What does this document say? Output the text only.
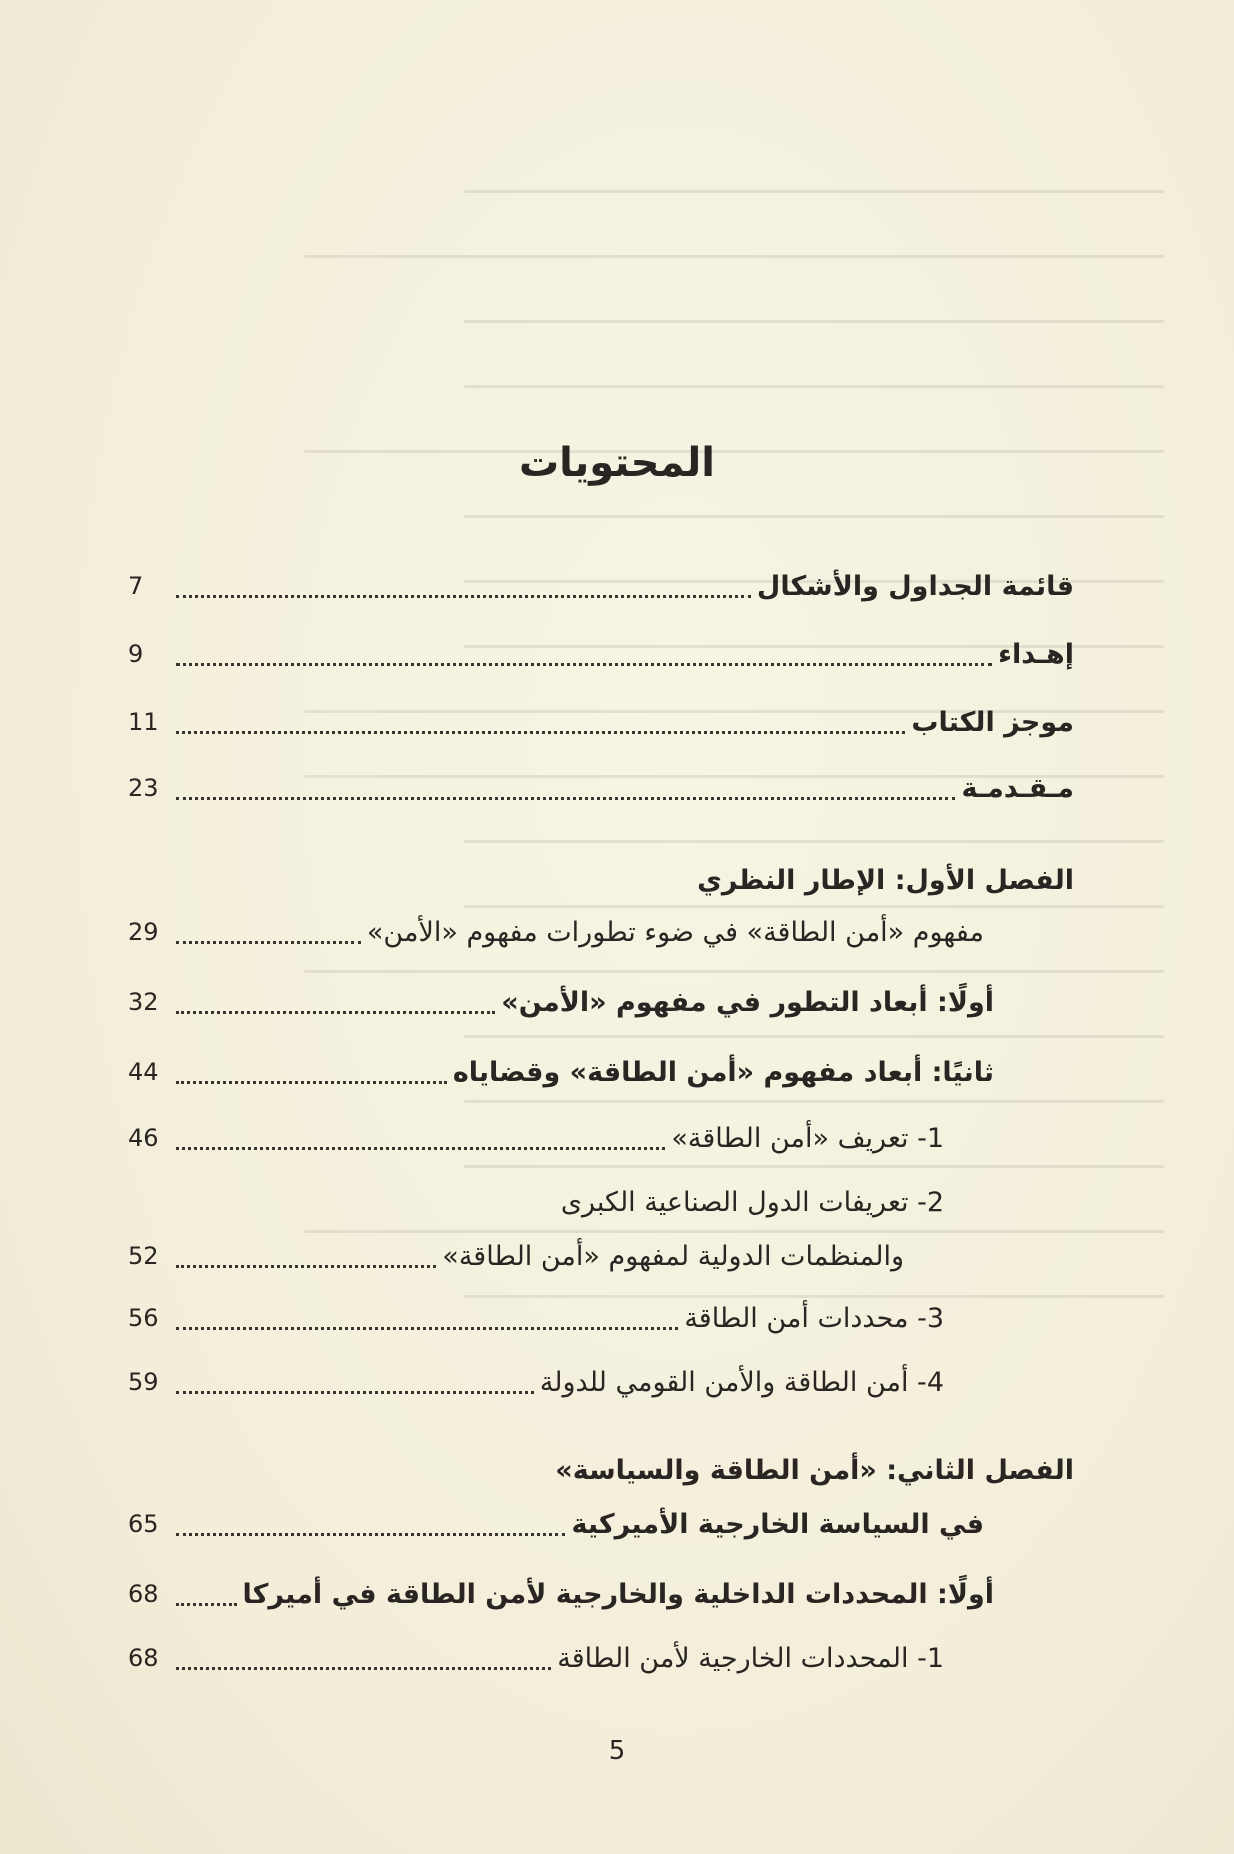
المحتويات
قائمة الجداول والأشكال
7
إهـداء
9
موجز الكتاب
11
مـقـدمـة
23
الفصل الأول: الإطار النظري
مفهوم «أمن الطاقة» في ضوء تطورات مفهوم «الأمن»
29
أولًا: أبعاد التطور في مفهوم «الأمن»
32
ثانيًا: أبعاد مفهوم «أمن الطاقة» وقضاياه
44
1- تعريف «أمن الطاقة»
46
2- تعريفات الدول الصناعية الكبرى
والمنظمات الدولية لمفهوم «أمن الطاقة»
52
3- محددات أمن الطاقة
56
4- أمن الطاقة والأمن القومي للدولة
59
الفصل الثاني: «أمن الطاقة والسياسة»
في السياسة الخارجية الأميركية
65
أولًا: المحددات الداخلية والخارجية لأمن الطاقة في أميركا
68
1- المحددات الخارجية لأمن الطاقة
68
5
